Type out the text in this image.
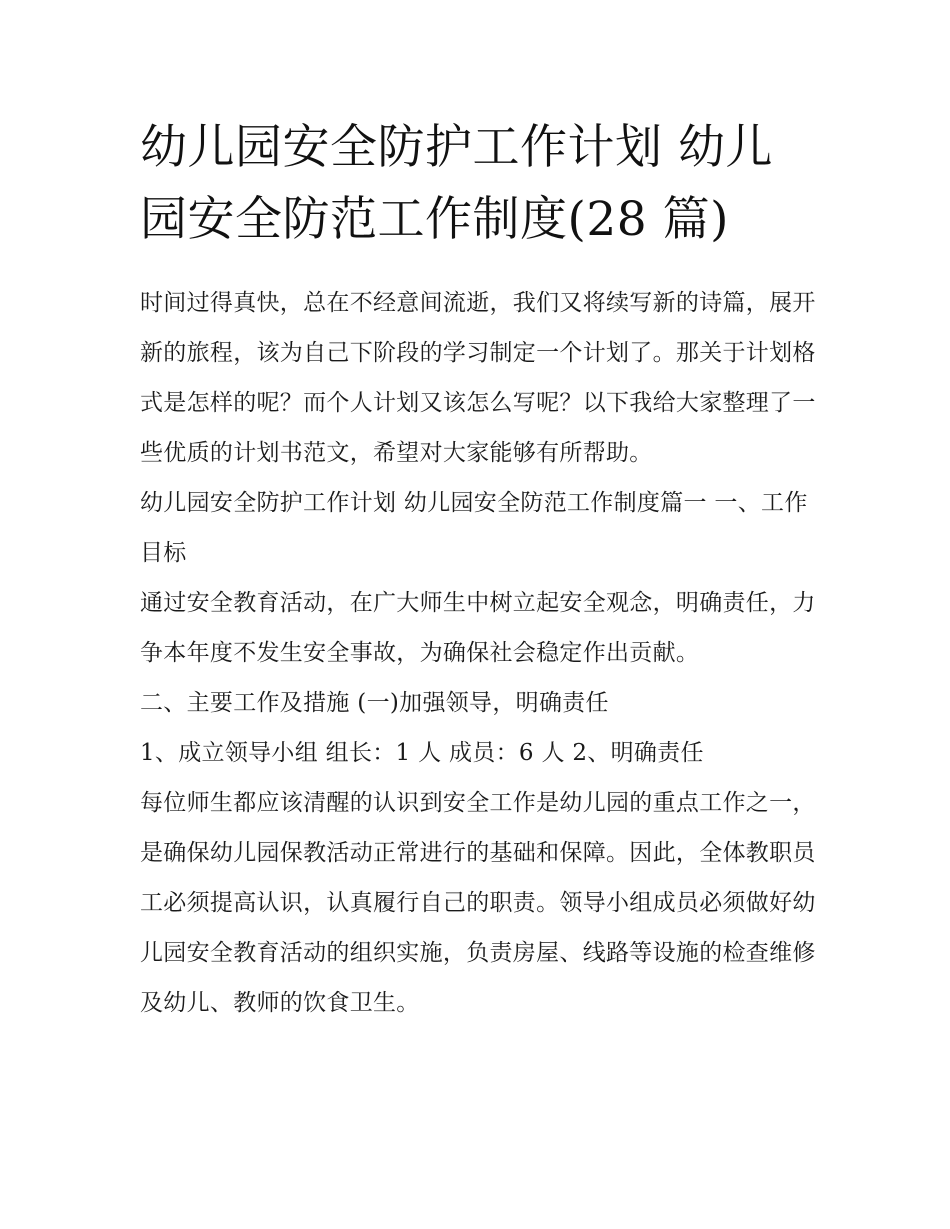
幼儿园安全防护工作计划 幼儿园安全防范工作制度(28 篇)

时间过得真快，总在不经意间流逝，我们又将续写新的诗篇，展开新的旅程，该为自己下阶段的学习制定一个计划了。那关于计划格式是怎样的呢？而个人计划又该怎么写呢？以下我给大家整理了一些优质的计划书范文，希望对大家能够有所帮助。

幼儿园安全防护工作计划 幼儿园安全防范工作制度篇一 一、工作目标

通过安全教育活动，在广大师生中树立起安全观念，明确责任，力争本年度不发生安全事故，为确保社会稳定作出贡献。

二、主要工作及措施 (一)加强领导，明确责任

1、成立领导小组 组长：1 人 成员：6 人 2、明确责任

每位师生都应该清醒的认识到安全工作是幼儿园的重点工作之一，是确保幼儿园保教活动正常进行的基础和保障。因此，全体教职员工必须提高认识，认真履行自己的职责。领导小组成员必须做好幼儿园安全教育活动的组织实施，负责房屋、线路等设施的检查维修及幼儿、教师的饮食卫生。
